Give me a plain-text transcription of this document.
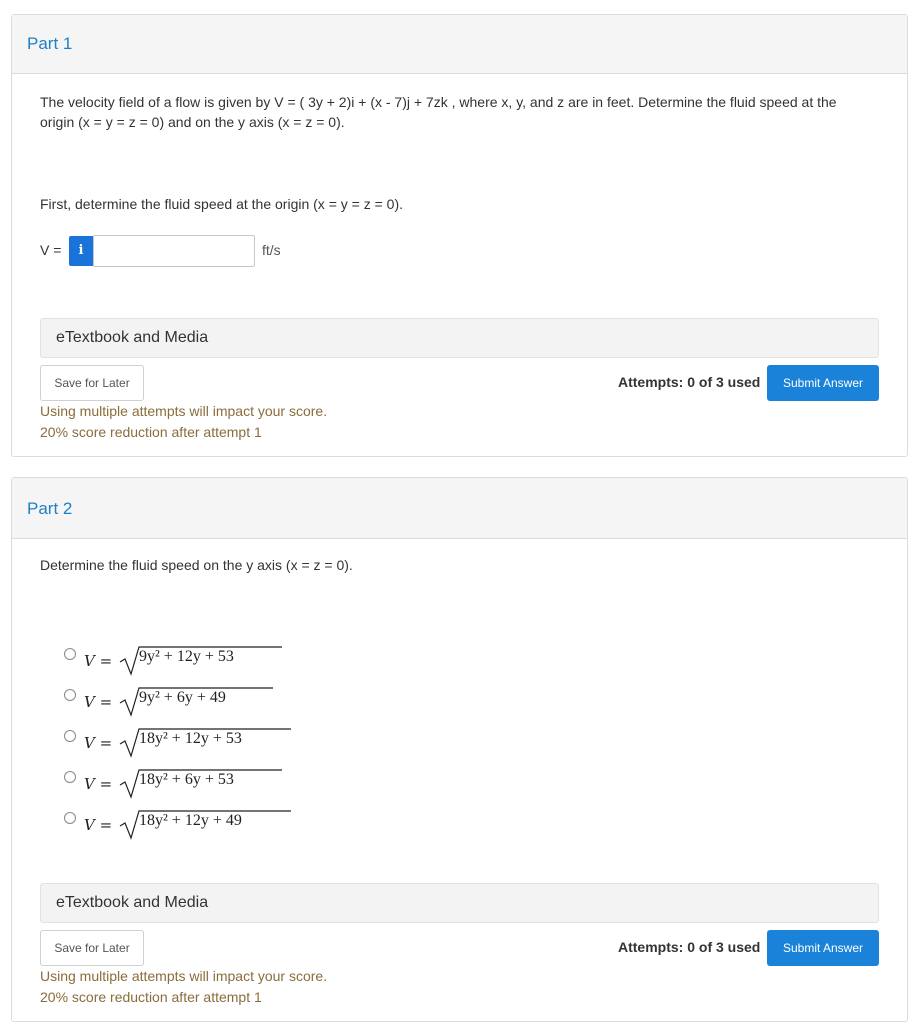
Part 1
The velocity field of a flow is given by V = ( 3y + 2)i + (x - 7)j + 7zk , where x, y, and z are in feet. Determine the fluid speed at the
origin (x = y = z = 0) and on the y axis (x = z = 0).
First, determine the fluid speed at the origin (x = y = z = 0).
V =	i	ft/s
eTextbook and Media
Save for Later	Attempts: 0 of 3 used	Submit Answer
Using multiple attempts will impact your score.
20% score reduction after attempt 1
Part 2
Determine the fluid speed on the y axis (x = z = 0).
V = 9y² + 12y + 53
V = 9y² + 6y + 49
V = 18y² + 12y + 53
V = 18y² + 6y + 53
V = 18y² + 12y + 49
eTextbook and Media
Save for Later	Attempts: 0 of 3 used	Submit Answer
Using multiple attempts will impact your score.
20% score reduction after attempt 1
